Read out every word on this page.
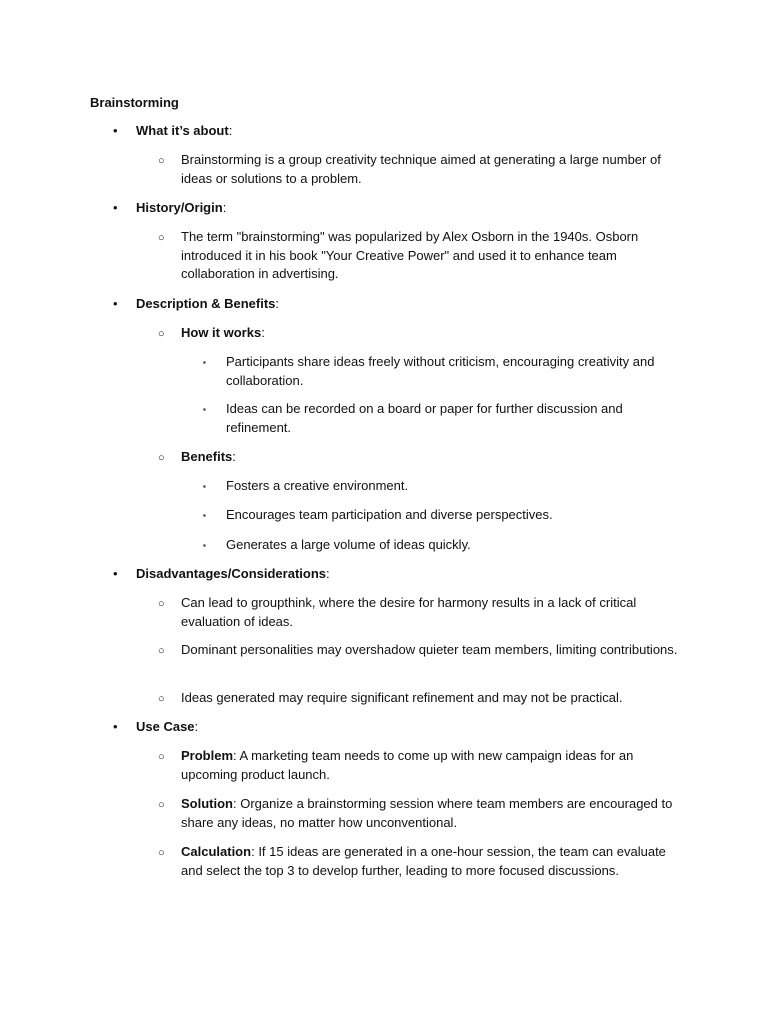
Brainstorming
• What it’s about:
○ Brainstorming is a group creativity technique aimed at generating a large number of ideas or solutions to a problem.
• History/Origin:
○ The term "brainstorming" was popularized by Alex Osborn in the 1940s. Osborn introduced it in his book "Your Creative Power" and used it to enhance team collaboration in advertising.
• Description & Benefits:
○ How it works:
▪ Participants share ideas freely without criticism, encouraging creativity and collaboration.
▪ Ideas can be recorded on a board or paper for further discussion and refinement.
○ Benefits:
▪ Fosters a creative environment.
▪ Encourages team participation and diverse perspectives.
▪ Generates a large volume of ideas quickly.
• Disadvantages/Considerations:
○ Can lead to groupthink, where the desire for harmony results in a lack of critical evaluation of ideas.
○ Dominant personalities may overshadow quieter team members, limiting contributions.
○ Ideas generated may require significant refinement and may not be practical.
• Use Case:
○ Problem: A marketing team needs to come up with new campaign ideas for an upcoming product launch.
○ Solution: Organize a brainstorming session where team members are encouraged to share any ideas, no matter how unconventional.
○ Calculation: If 15 ideas are generated in a one-hour session, the team can evaluate and select the top 3 to develop further, leading to more focused discussions.
